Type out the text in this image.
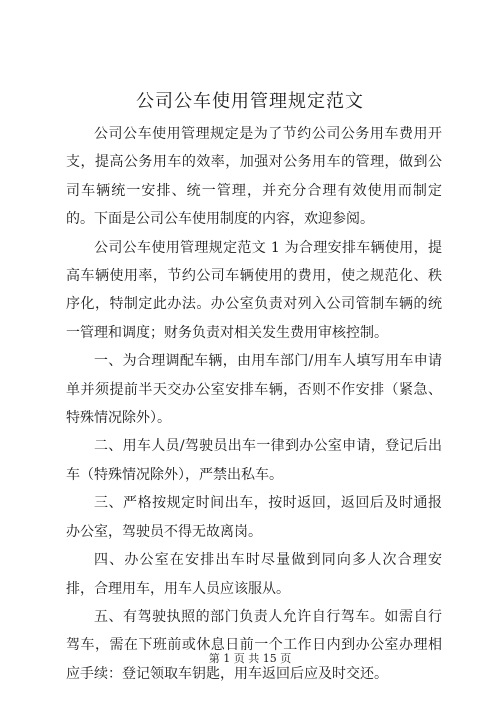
公司公车使用管理规定范文

公司公车使用管理规定是为了节约公司公务用车费用开支，提高公务用车的效率，加强对公务用车的管理，做到公司车辆统一安排、统一管理，并充分合理有效使用而制定的。下面是公司公车使用制度的内容，欢迎参阅。

公司公车使用管理规定范文 1 为合理安排车辆使用，提高车辆使用率，节约公司车辆使用的费用，使之规范化、秩序化，特制定此办法。办公室负责对列入公司管制车辆的统一管理和调度；财务负责对相关发生费用审核控制。

一、为合理调配车辆，由用车部门/用车人填写用车申请单并须提前半天交办公室安排车辆，否则不作安排（紧急、特殊情况除外）。

二、用车人员/驾驶员出车一律到办公室申请，登记后出车（特殊情况除外），严禁出私车。

三、严格按规定时间出车，按时返回，返回后及时通报办公室，驾驶员不得无故离岗。

四、办公室在安排出车时尽量做到同向多人次合理安排，合理用车，用车人员应该服从。

五、有驾驶执照的部门负责人允许自行驾车。如需自行驾车，需在下班前或休息日前一个工作日内到办公室办理相应手续：登记领取车钥匙，用车返回后应及时交还。

第 1 页 共 15 页
